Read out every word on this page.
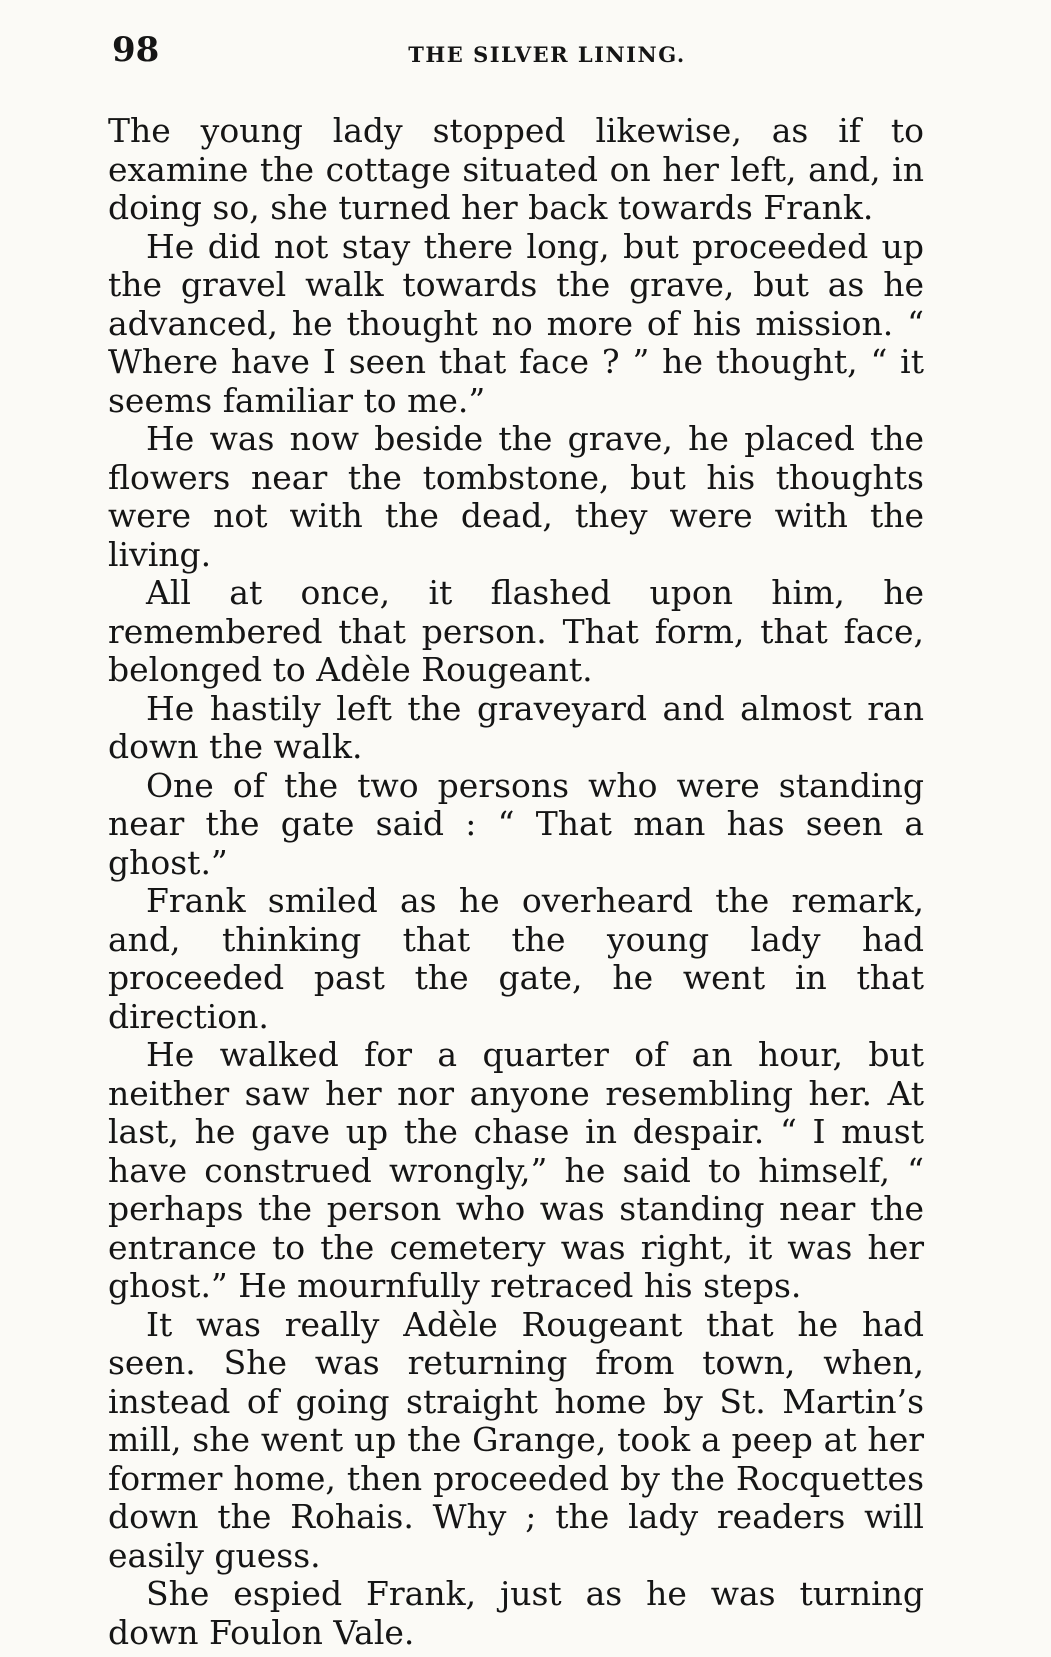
98	THE SILVER LINING.

The young lady stopped likewise, as if to examine the cottage situated on her left, and, in doing so, she turned her back towards Frank.

He did not stay there long, but proceeded up the gravel walk towards the grave, but as he advanced, he thought no more of his mission. “ Where have I seen that face ? ” he thought, “ it seems familiar to me.”

He was now beside the grave, he placed the flowers near the tombstone, but his thoughts were not with the dead, they were with the living.

All at once, it flashed upon him, he remembered that person. That form, that face, belonged to Adèle Rougeant.

He hastily left the graveyard and almost ran down the walk.

One of the two persons who were standing near the gate said : “ That man has seen a ghost.”

Frank smiled as he overheard the remark, and, thinking that the young lady had proceeded past the gate, he went in that direction.

He walked for a quarter of an hour, but neither saw her nor anyone resembling her. At last, he gave up the chase in despair. “ I must have construed wrongly,” he said to himself, “ perhaps the person who was standing near the entrance to the cemetery was right, it was her ghost.” He mournfully retraced his steps.

It was really Adèle Rougeant that he had seen. She was returning from town, when, instead of going straight home by St. Martin’s mill, she went up the Grange, took a peep at her former home, then proceeded by the Rocquettes down the Rohais. Why ; the lady readers will easily guess.

She espied Frank, just as he was turning down Foulon Vale.
